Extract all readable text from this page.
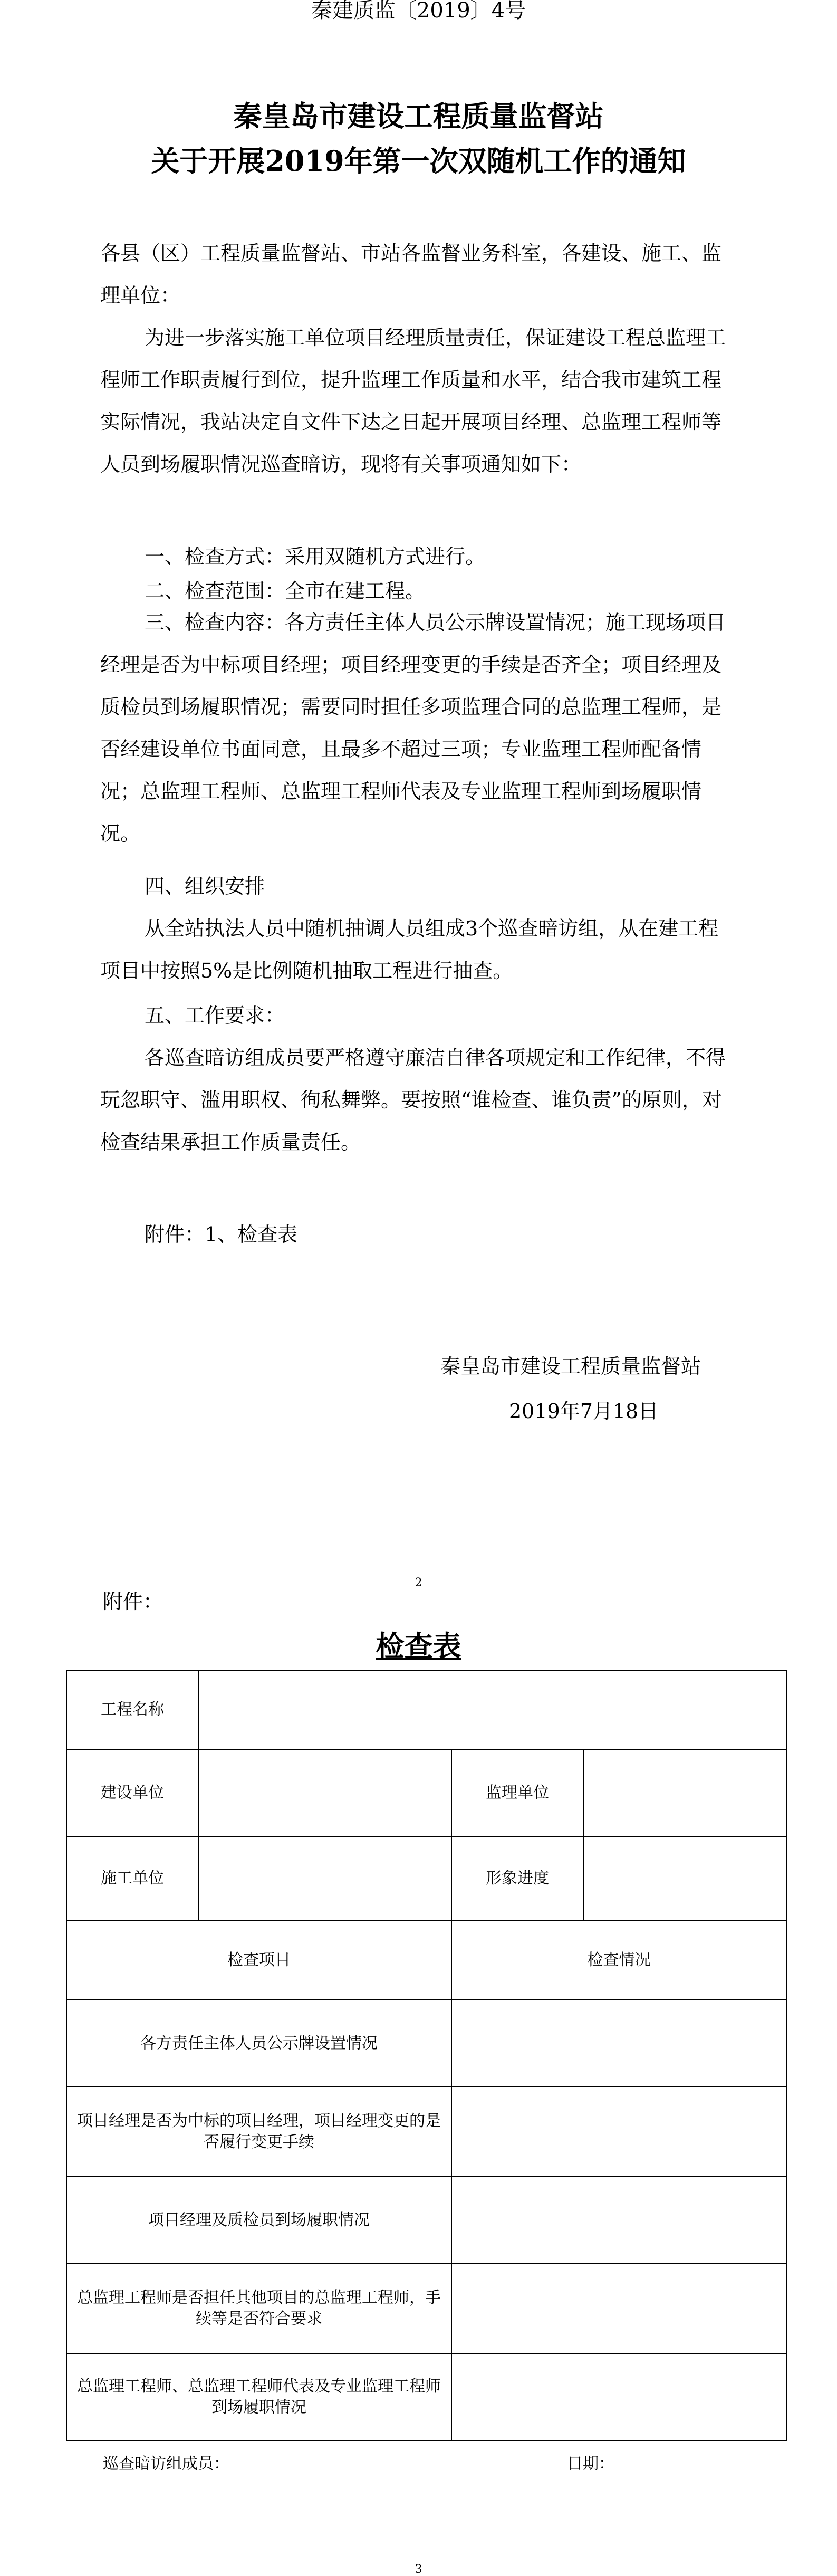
秦建质监〔2019〕4号
秦皇岛市建设工程质量监督站
关于开展2019年第一次双随机工作的通知
各县（区）工程质量监督站、市站各监督业务科室，各建设、施工、监理单位：
为进一步落实施工单位项目经理质量责任，保证建设工程总监理工程师工作职责履行到位，提升监理工作质量和水平，结合我市建筑工程实际情况，我站决定自文件下达之日起开展项目经理、总监理工程师等人员到场履职情况巡查暗访，现将有关事项通知如下：
一、检查方式：采用双随机方式进行。
二、检查范围：全市在建工程。
三、检查内容：各方责任主体人员公示牌设置情况；施工现场项目经理是否为中标项目经理；项目经理变更的手续是否齐全；项目经理及质检员到场履职情况；需要同时担任多项监理合同的总监理工程师，是否经建设单位书面同意，且最多不超过三项；专业监理工程师配备情况；总监理工程师、总监理工程师代表及专业监理工程师到场履职情况。
四、组织安排
从全站执法人员中随机抽调人员组成3个巡查暗访组，从在建工程项目中按照5%是比例随机抽取工程进行抽查。
五、工作要求：
各巡查暗访组成员要严格遵守廉洁自律各项规定和工作纪律，不得玩忽职守、滥用职权、徇私舞弊。要按照“谁检查、谁负责”的原则，对检查结果承担工作质量责任。
附件：1、检查表
秦皇岛市建设工程质量监督站
2019年7月18日
2
附件：
检查表
工程名称			
建设单位		监理单位	
施工单位		形象进度	
检查项目		检查情况	
各方责任主体人员公示牌设置情况			
项目经理是否为中标的项目经理，项目经理变更的是否履行变更手续			
项目经理及质检员到场履职情况			
总监理工程师是否担任其他项目的总监理工程师，手续等是否符合要求			
总监理工程师、总监理工程师代表及专业监理工程师到场履职情况			
巡查暗访组成员：	日期：
3
